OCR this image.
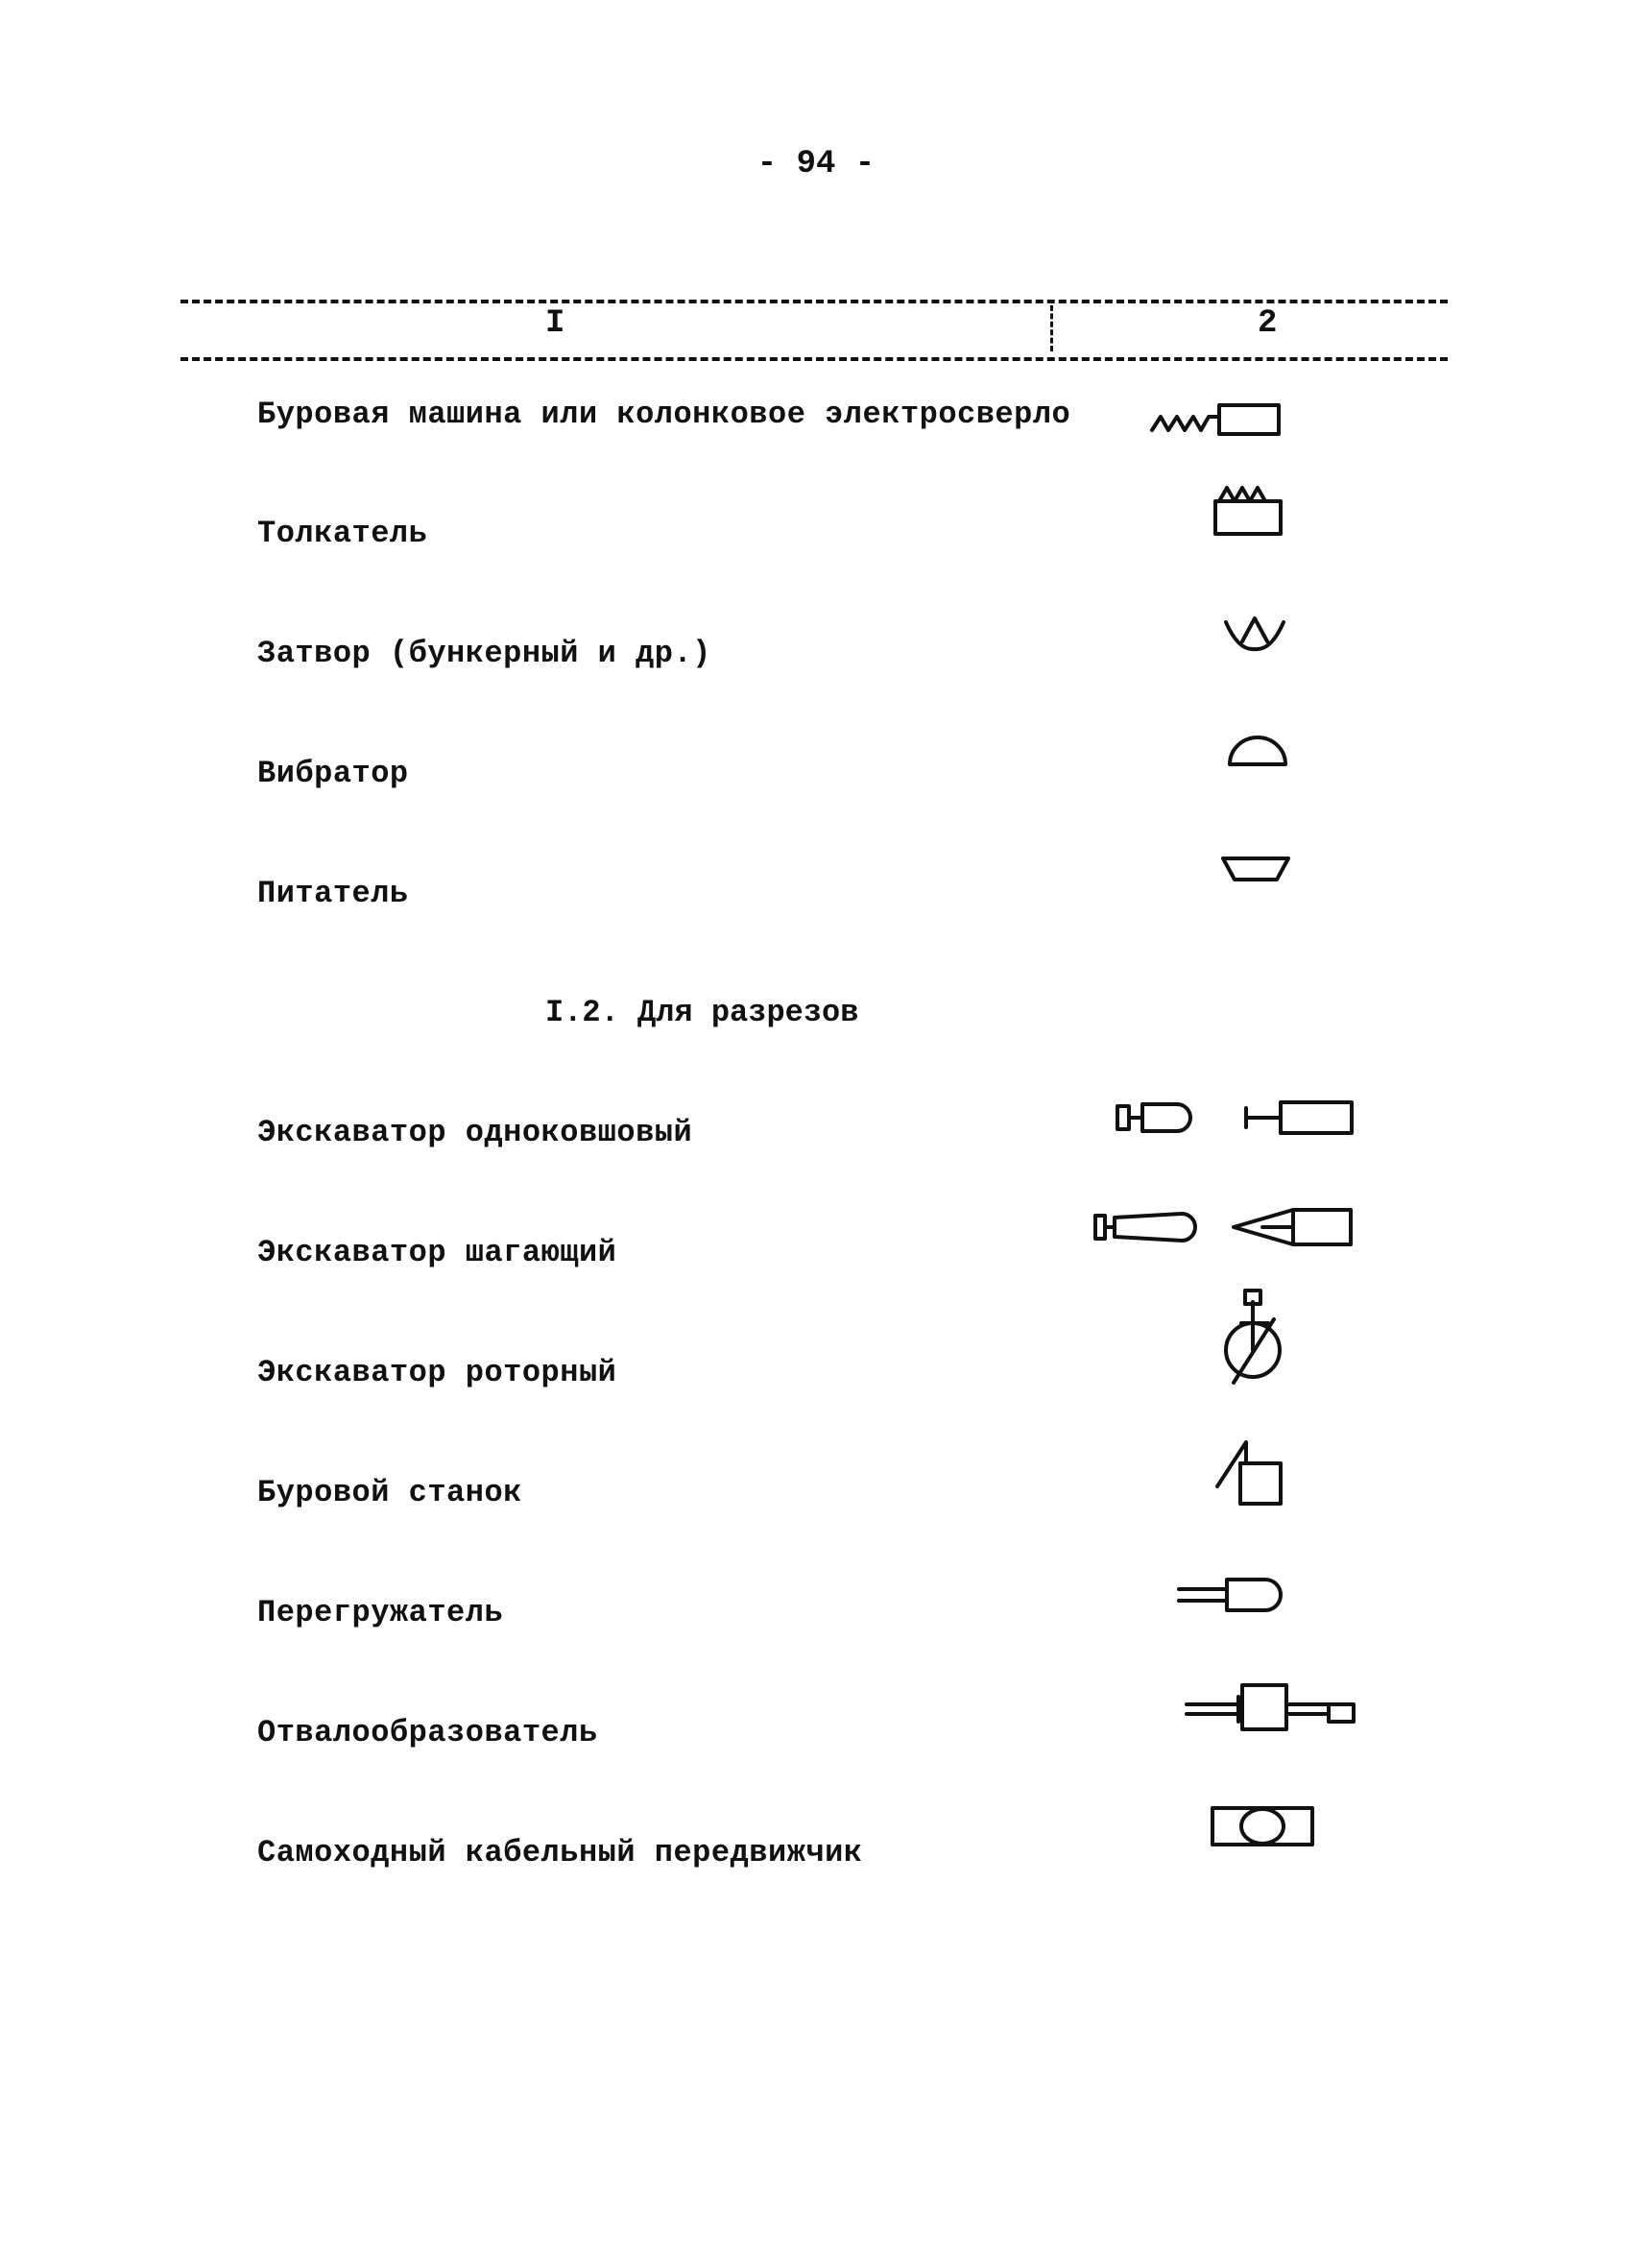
- 94 -
I	2
Буровая машина или колонковое электросверло
Толкатель
Затвор (бункерный и др.)
Вибратор
Питатель
I.2. Для разрезов
Экскаватор одноковшовый
Экскаватор шагающий
Экскаватор роторный
Буровой станок
Перегружатель
Отвалообразователь
Самоходный кабельный передвижчик
